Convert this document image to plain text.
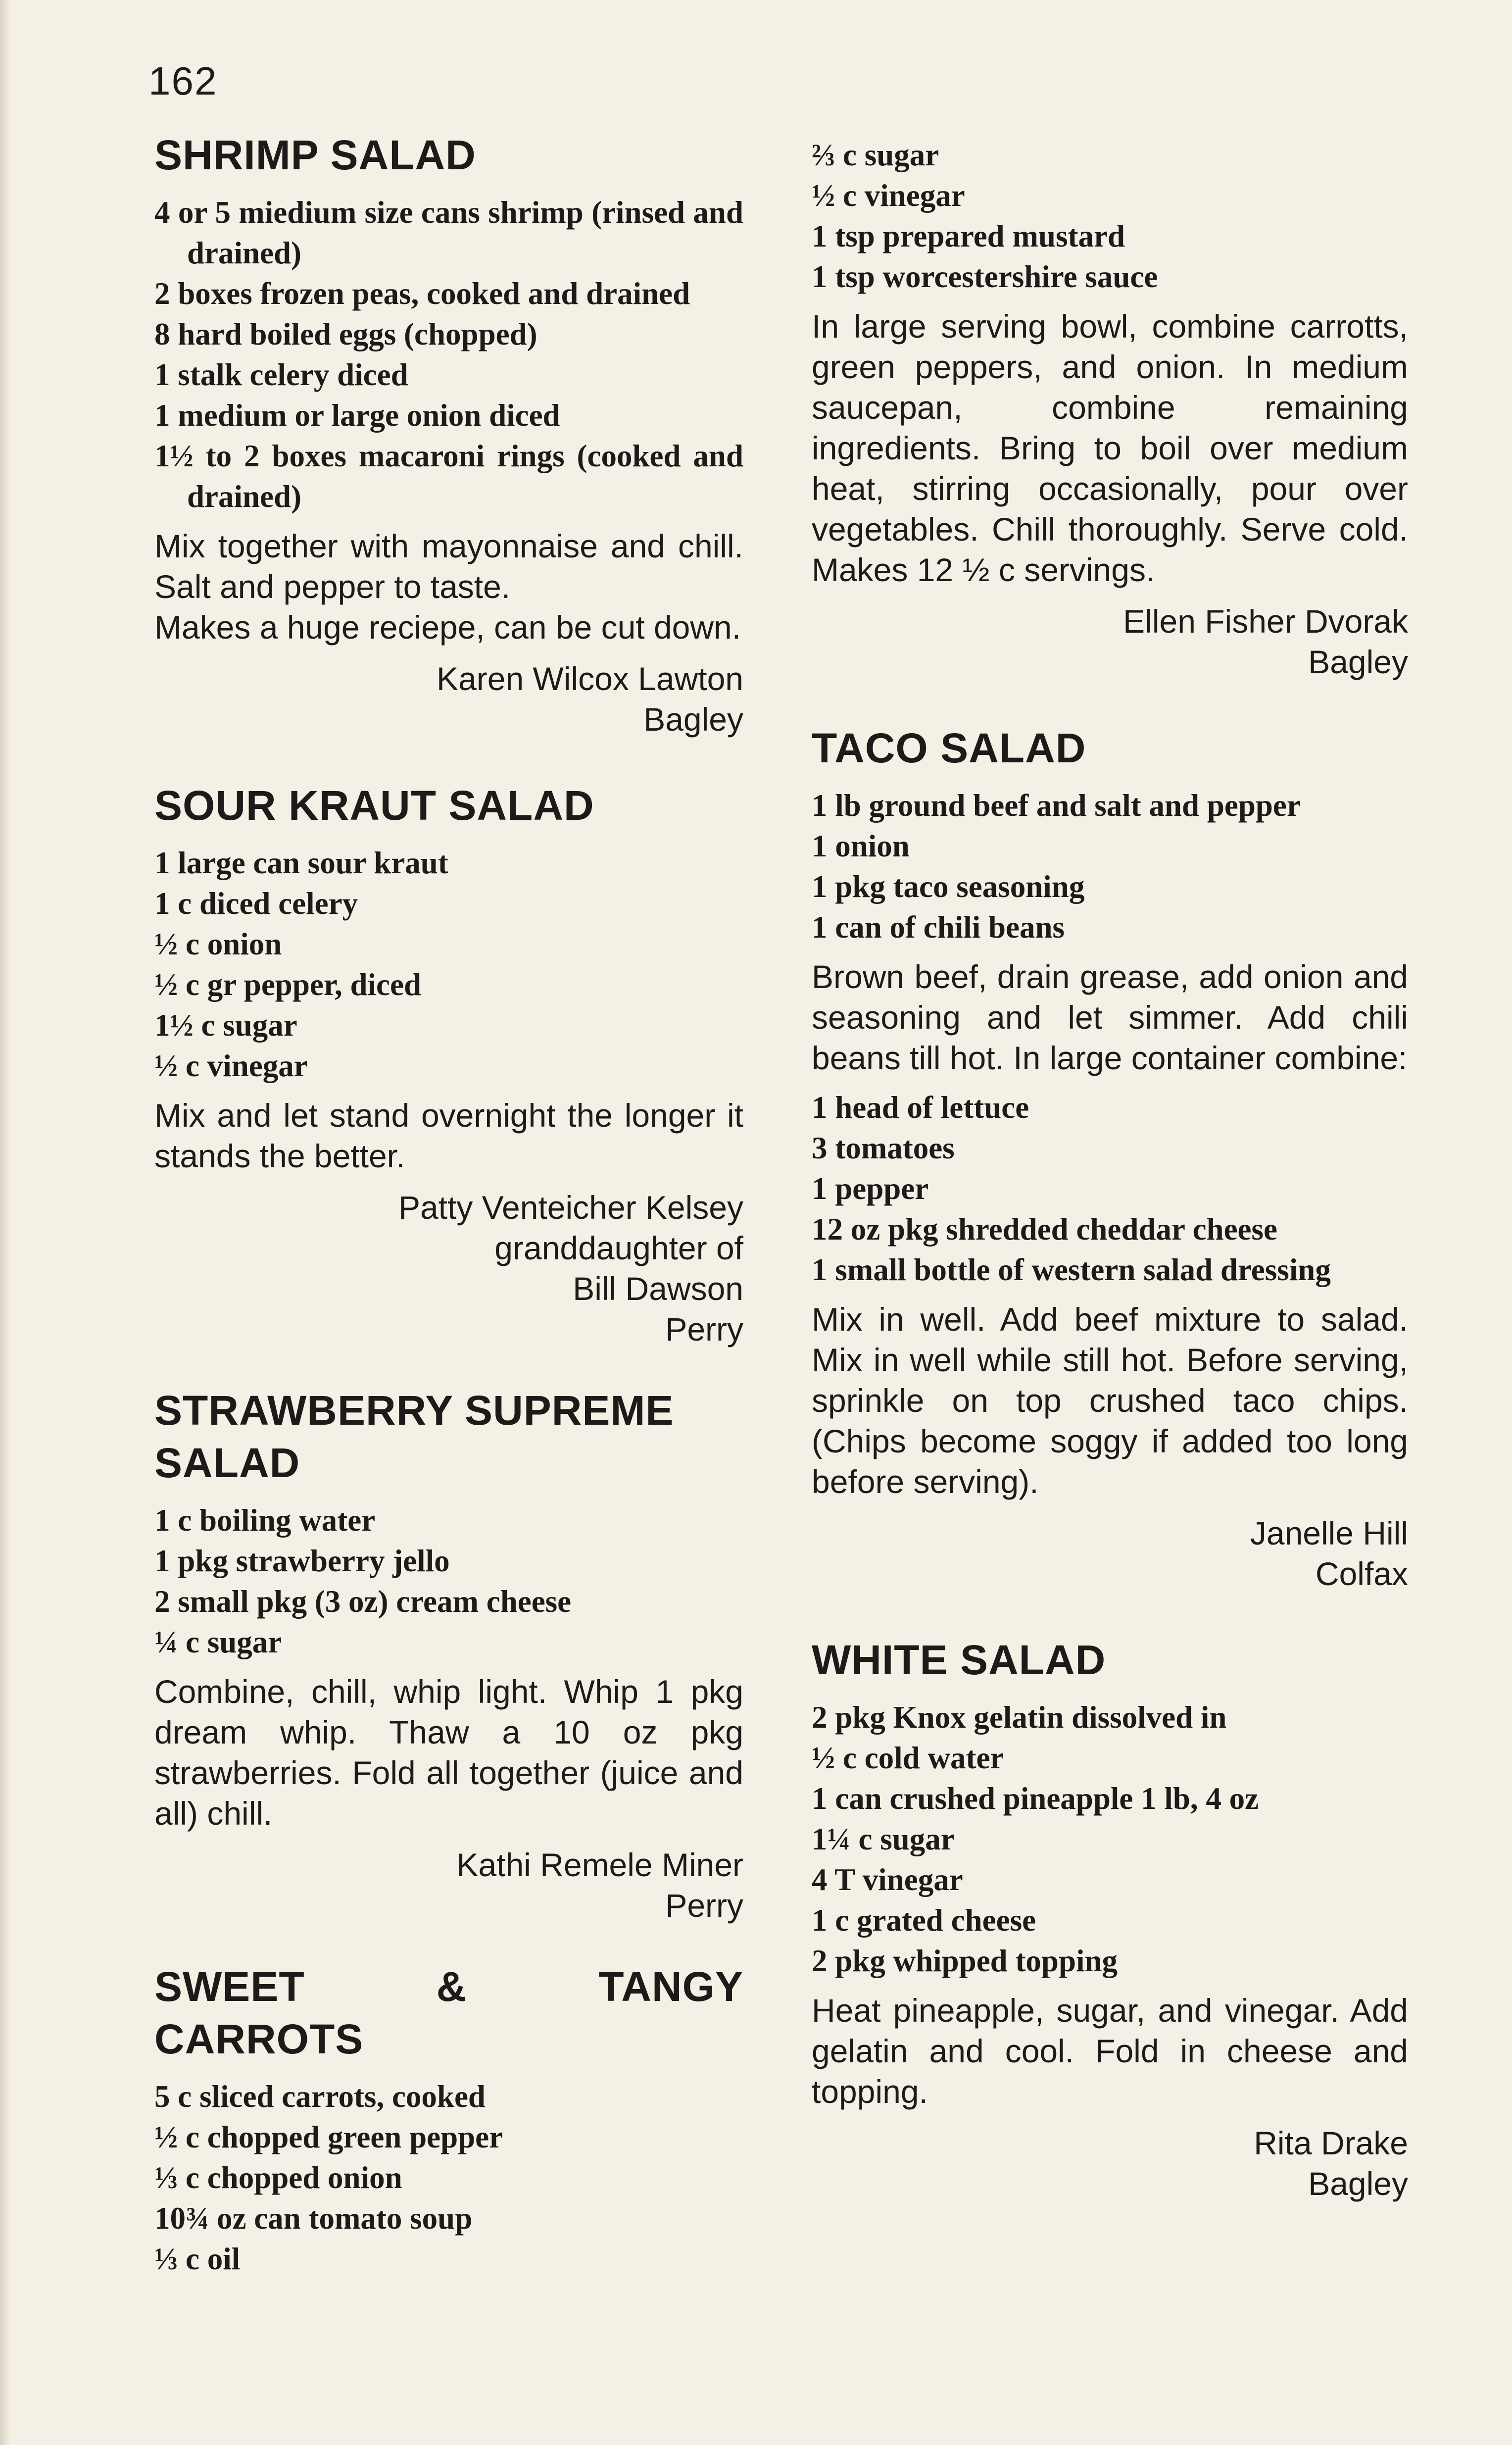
162
SHRIMP SALAD
4 or 5 miedium size cans shrimp (rinsed and drained)
2 boxes frozen peas, cooked and drained
8 hard boiled eggs (chopped)
1 stalk celery diced
1 medium or large onion diced
1½ to 2 boxes macaroni rings (cooked and drained)

Mix together with mayonnaise and chill. Salt and pepper to taste.

Makes a huge reciepe, can be cut down.

Karen Wilcox Lawton
Bagley
SOUR KRAUT SALAD
1 large can sour kraut
1 c diced celery
½ c onion
½ c gr pepper, diced
1½ c sugar
½ c vinegar

Mix and let stand overnight the longer it stands the better.

Patty Venteicher Kelsey
granddaughter of
Bill Dawson
Perry
STRAWBERRY SUPREME
SALAD
1 c boiling water
1 pkg strawberry jello
2 small pkg (3 oz) cream cheese
¼ c sugar

Combine, chill, whip light. Whip 1 pkg dream whip. Thaw a 10 oz pkg strawberries. Fold all together (juice and all) chill.

Kathi Remele Miner
Perry
SWEET	&	TANGY
CARROTS
5 c sliced carrots, cooked
½ c chopped green pepper
⅓ c chopped onion
10¾ oz can tomato soup
⅓ c oil
⅔ c sugar
½ c vinegar
1 tsp prepared mustard
1 tsp worcestershire sauce

In large serving bowl, combine carrotts, green peppers, and onion. In medium saucepan, combine remaining ingredients. Bring to boil over medium heat, stirring occasionally, pour over vegetables. Chill thoroughly. Serve cold. Makes 12 ½ c servings.

Ellen Fisher Dvorak
Bagley
TACO SALAD
1 lb ground beef and salt and pepper
1 onion
1 pkg taco seasoning
1 can of chili beans

Brown beef, drain grease, add onion and seasoning and let simmer. Add chili beans till hot. In large container combine:

1 head of lettuce
3 tomatoes
1 pepper
12 oz pkg shredded cheddar cheese
1 small bottle of western salad dressing

Mix in well. Add beef mixture to salad. Mix in well while still hot. Before serving, sprinkle on top crushed taco chips. (Chips become soggy if added too long before serving).

Janelle Hill
Colfax
WHITE SALAD
2 pkg Knox gelatin dissolved in
½ c cold water
1 can crushed pineapple 1 lb, 4 oz
1¼ c sugar
4 T vinegar
1 c grated cheese
2 pkg whipped topping

Heat pineapple, sugar, and vinegar. Add gelatin and cool. Fold in cheese and topping.

Rita Drake
Bagley
